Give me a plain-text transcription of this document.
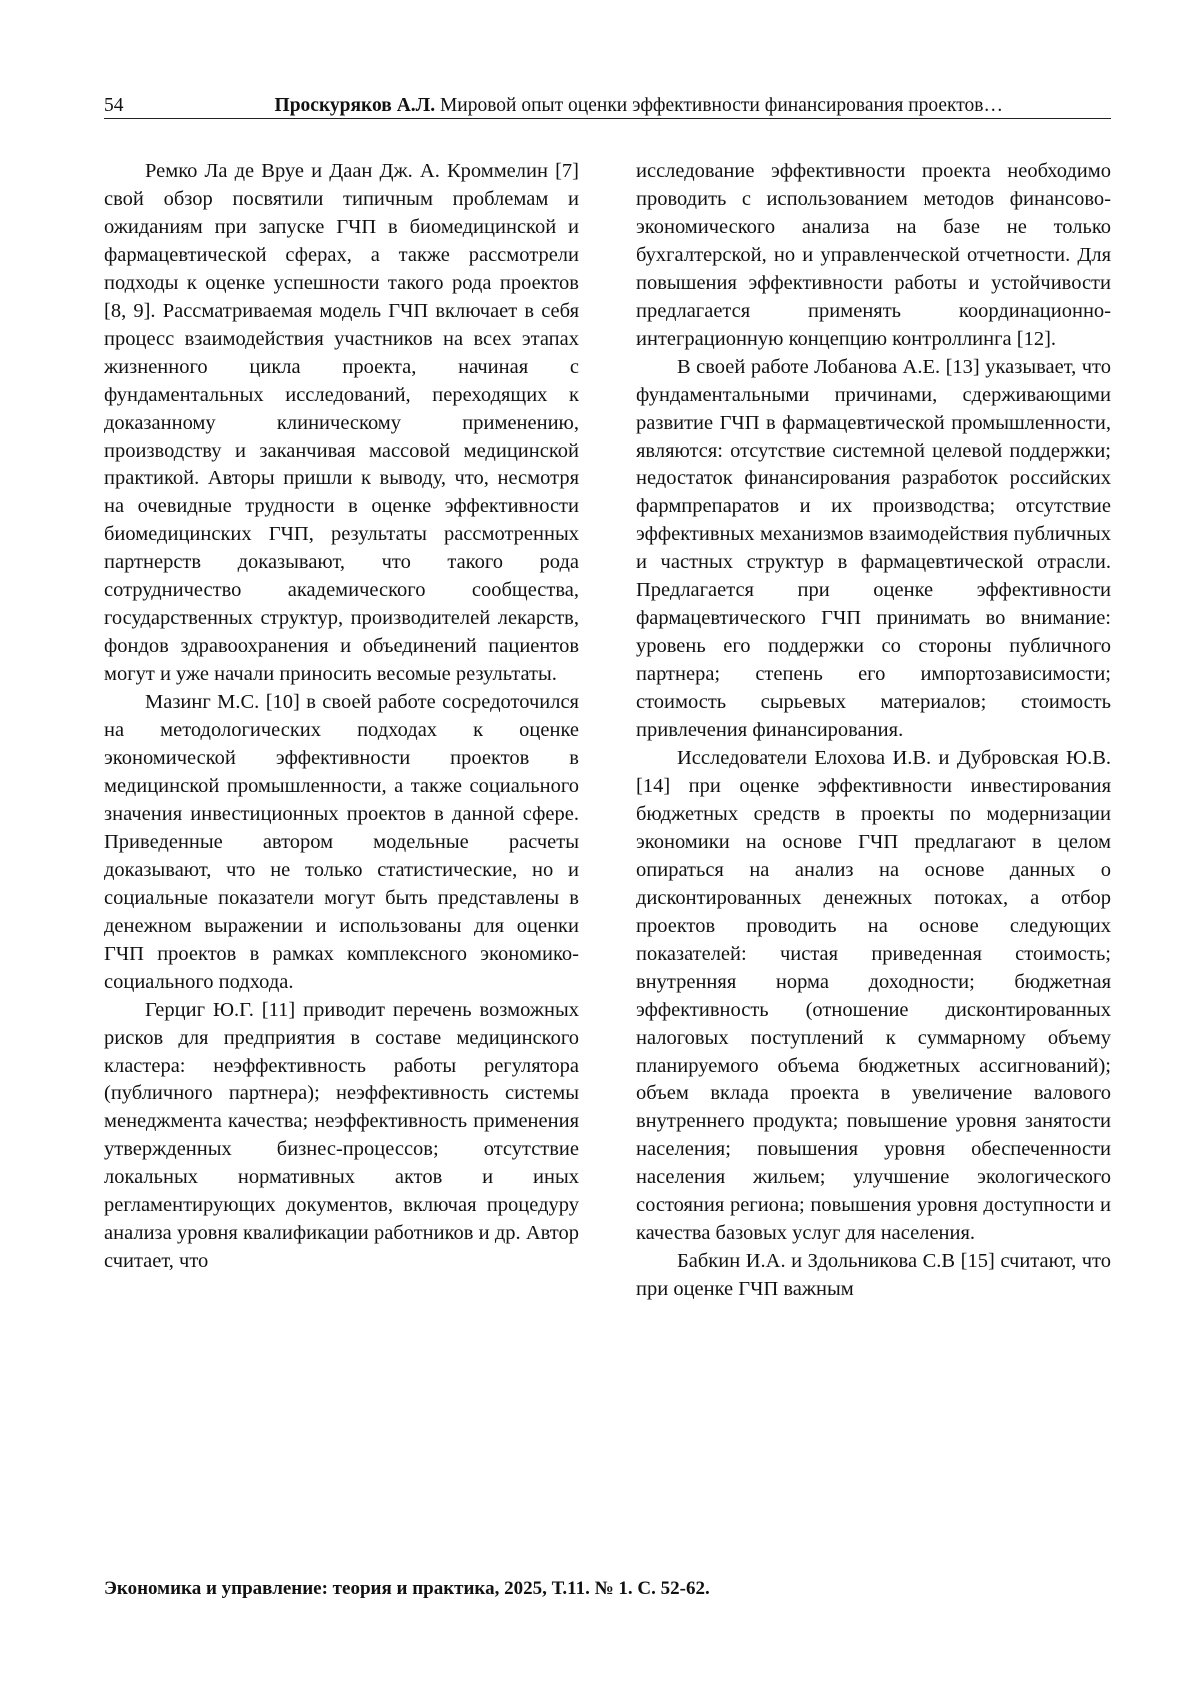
54	Проскуряков А.Л. Мировой опыт оценки эффективности финансирования проектов…

Ремко Ла де Вруе и Даан Дж. А. Кроммелин [7] свой обзор посвятили типичным проблемам и ожиданиям при запуске ГЧП в биомедицинской и фармацевтической сферах, а также рассмотрели подходы к оценке успешности такого рода проектов [8, 9]. Рассматриваемая модель ГЧП включает в себя процесс взаимодействия участников на всех этапах жизненного цикла проекта, начиная с фундаментальных исследований, переходящих к доказанному клиническому применению, производству и заканчивая массовой медицинской практикой. Авторы пришли к выводу, что, несмотря на очевидные трудности в оценке эффективности биомедицинских ГЧП, результаты рассмотренных партнерств доказывают, что такого рода сотрудничество академического сообщества, государственных структур, производителей лекарств, фондов здравоохранения и объединений пациентов могут и уже начали приносить весомые результаты.

Мазинг М.С. [10] в своей работе сосредоточился на методологических подходах к оценке экономической эффективности проектов в медицинской промышленности, а также социального значения инвестиционных проектов в данной сфере. Приведенные автором модельные расчеты доказывают, что не только статистические, но и социальные показатели могут быть представлены в денежном выражении и использованы для оценки ГЧП проектов в рамках комплексного экономико-социального подхода.

Герциг Ю.Г. [11] приводит перечень возможных рисков для предприятия в составе медицинского кластера: неэффективность работы регулятора (публичного партнера); неэффективность системы менеджмента качества; неэффективность применения утвержденных бизнес-процессов; отсутствие локальных нормативных актов и иных регламентирующих документов, включая процедуру анализа уровня квалификации работников и др. Автор считает, что

исследование эффективности проекта необходимо проводить с использованием методов финансово-экономического анализа на базе не только бухгалтерской, но и управленческой отчетности. Для повышения эффективности работы и устойчивости предлагается применять координационно-интеграционную концепцию контроллинга [12].

В своей работе Лобанова А.Е. [13] указывает, что фундаментальными причинами, сдерживающими развитие ГЧП в фармацевтической промышленности, являются: отсутствие системной целевой поддержки; недостаток финансирования разработок российских фармпрепаратов и их производства; отсутствие эффективных механизмов взаимодействия публичных и частных структур в фармацевтической отрасли. Предлагается при оценке эффективности фармацевтического ГЧП принимать во внимание: уровень его поддержки со стороны публичного партнера; степень его импортозависимости; стоимость сырьевых материалов; стоимость привлечения финансирования.

Исследователи Елохова И.В. и Дубровская Ю.В. [14] при оценке эффективности инвестирования бюджетных средств в проекты по модернизации экономики на основе ГЧП предлагают в целом опираться на анализ на основе данных о дисконтированных денежных потоках, а отбор проектов проводить на основе следующих показателей: чистая приведенная стоимость; внутренняя норма доходности; бюджетная эффективность (отношение дисконтированных налоговых поступлений к суммарному объему планируемого объема бюджетных ассигнований); объем вклада проекта в увеличение валового внутреннего продукта; повышение уровня занятости населения; повышения уровня обеспеченности населения жильем; улучшение экологического состояния региона; повышения уровня доступности и качества базовых услуг для населения.

Бабкин И.А. и Здольникова С.В [15] считают, что при оценке ГЧП важным

Экономика и управление: теория и практика, 2025, Т.11. № 1. С. 52-62.
